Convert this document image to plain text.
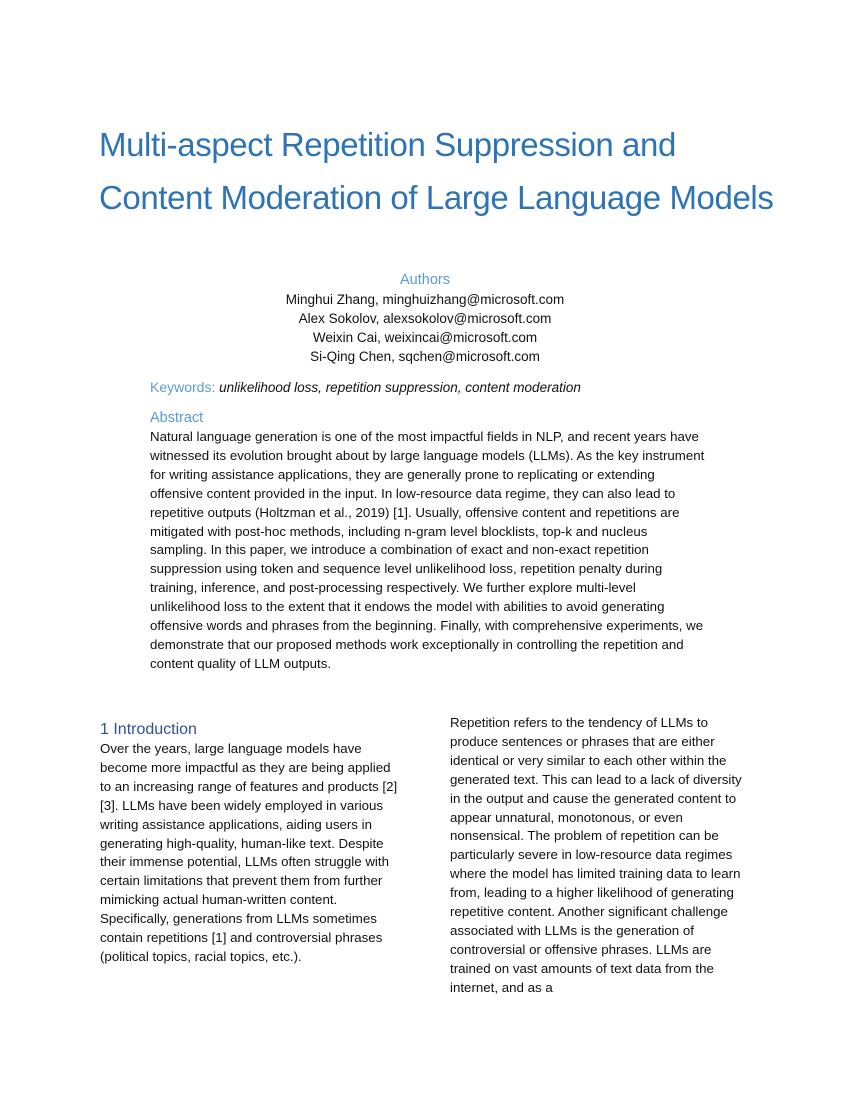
Multi-aspect Repetition Suppression and Content Moderation of Large Language Models
Authors
Minghui Zhang, minghuizhang@microsoft.com
Alex Sokolov, alexsokolov@microsoft.com
Weixin Cai, weixincai@microsoft.com
Si-Qing Chen, sqchen@microsoft.com
Keywords: unlikelihood loss, repetition suppression, content moderation
Abstract
Natural language generation is one of the most impactful fields in NLP, and recent years have witnessed its evolution brought about by large language models (LLMs). As the key instrument for writing assistance applications, they are generally prone to replicating or extending offensive content provided in the input. In low-resource data regime, they can also lead to repetitive outputs (Holtzman et al., 2019) [1]. Usually, offensive content and repetitions are mitigated with post-hoc methods, including n-gram level blocklists, top-k and nucleus sampling. In this paper, we introduce a combination of exact and non-exact repetition suppression using token and sequence level unlikelihood loss, repetition penalty during training, inference, and post-processing respectively. We further explore multi-level unlikelihood loss to the extent that it endows the model with abilities to avoid generating offensive words and phrases from the beginning. Finally, with comprehensive experiments, we demonstrate that our proposed methods work exceptionally in controlling the repetition and content quality of LLM outputs.
1 Introduction
Over the years, large language models have become more impactful as they are being applied to an increasing range of features and products [2] [3]. LLMs have been widely employed in various writing assistance applications, aiding users in generating high-quality, human-like text. Despite their immense potential, LLMs often struggle with certain limitations that prevent them from further mimicking actual human-written content. Specifically, generations from LLMs sometimes contain repetitions [1] and controversial phrases (political topics, racial topics, etc.).
Repetition refers to the tendency of LLMs to produce sentences or phrases that are either identical or very similar to each other within the generated text. This can lead to a lack of diversity in the output and cause the generated content to appear unnatural, monotonous, or even nonsensical. The problem of repetition can be particularly severe in low-resource data regimes where the model has limited training data to learn from, leading to a higher likelihood of generating repetitive content. Another significant challenge associated with LLMs is the generation of controversial or offensive phrases. LLMs are trained on vast amounts of text data from the internet, and as a
